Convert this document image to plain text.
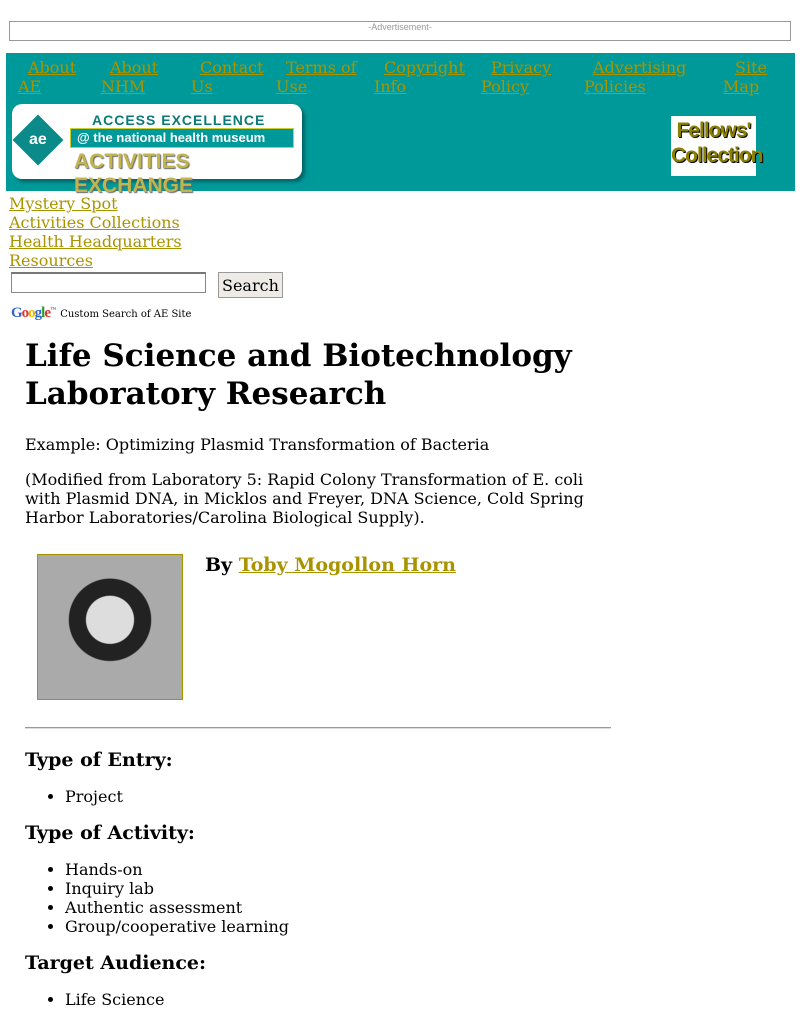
-Advertisement-
About
AE
About
NHM
Contact
Us
Terms of
Use
Copyright
Info
Privacy
Policy
Advertising
Policies
Site
Map
ae
ACCESS EXCELLENCE
@ the national health museum
ACTIVITIES EXCHANGE
Fellows' Collection
Mystery Spot
Activities Collections
Health Headquarters
Resources
Search
Google™ Custom Search of AE Site
Life Science and Biotechnology Laboratory Research

Example: Optimizing Plasmid Transformation of Bacteria

(Modified from Laboratory 5: Rapid Colony Transformation of E. coli with Plasmid DNA, in Micklos and Freyer, DNA Science, Cold Spring Harbor Laboratories/Carolina Biological Supply).

By Toby Mogollon Horn
Type of Entry:
• Project
Type of Activity:
• Hands-on
• Inquiry lab
• Authentic assessment
• Group/cooperative learning
Target Audience:
• Life Science
